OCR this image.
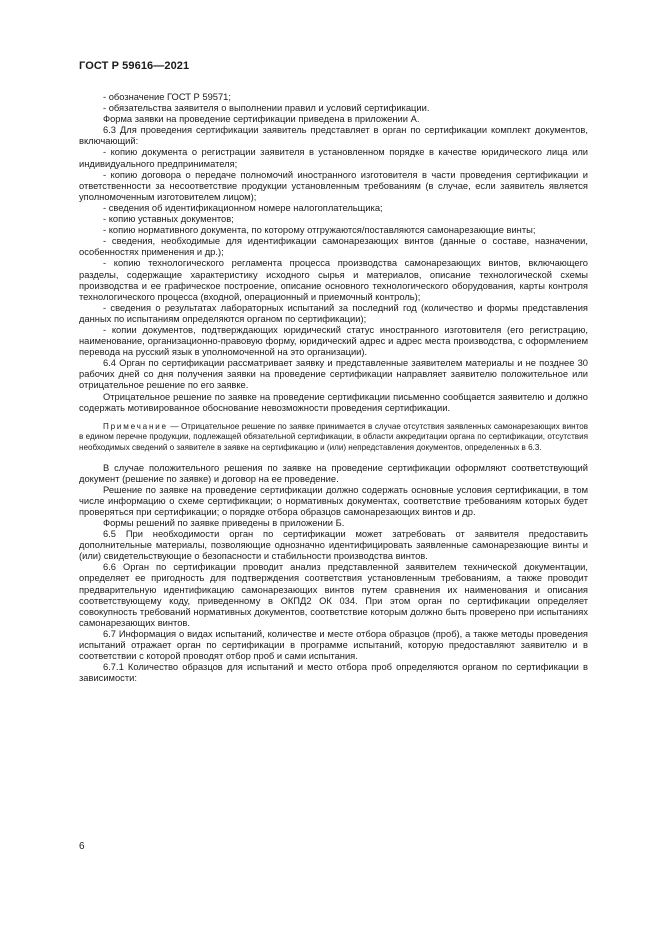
ГОСТ Р 59616—2021

- обозначение ГОСТ Р 59571;

- обязательства заявителя о выполнении правил и условий сертификации.

Форма заявки на проведение сертификации приведена в приложении А.

6.3 Для проведения сертификации заявитель представляет в орган по сертификации комплект документов, включающий:

- копию документа о регистрации заявителя в установленном порядке в качестве юридического лица или индивидуального предпринимателя;

- копию договора о передаче полномочий иностранного изготовителя в части проведения сертификации и ответственности за несоответствие продукции установленным требованиям (в случае, если заявитель является уполномоченным изготовителем лицом);

- сведения об идентификационном номере налогоплательщика;

- копию уставных документов;

- копию нормативного документа, по которому отгружаются/поставляются самонарезающие винты;

- сведения, необходимые для идентификации самонарезающих винтов (данные о составе, назначении, особенностях применения и др.);

- копию технологического регламента процесса производства самонарезающих винтов, включающего разделы, содержащие характеристику исходного сырья и материалов, описание технологической схемы производства и ее графическое построение, описание основного технологического оборудования, карты контроля технологического процесса (входной, операционный и приемочный контроль);

- сведения о результатах лабораторных испытаний за последний год (количество и формы представления данных по испытаниям определяются органом по сертификации);

- копии документов, подтверждающих юридический статус иностранного изготовителя (его регистрацию, наименование, организационно-правовую форму, юридический адрес и адрес места производства, с оформлением перевода на русский язык в уполномоченной на это организации).

6.4 Орган по сертификации рассматривает заявку и представленные заявителем материалы и не позднее 30 рабочих дней со дня получения заявки на проведение сертификации направляет заявителю положительное или отрицательное решение по его заявке.

Отрицательное решение по заявке на проведение сертификации письменно сообщается заявителю и должно содержать мотивированное обоснование невозможности проведения сертификации.

Примечание — Отрицательное решение по заявке принимается в случае отсутствия заявленных самонарезающих винтов в едином перечне продукции, подлежащей обязательной сертификации, в области аккредитации органа по сертификации, отсутствия необходимых сведений о заявителе в заявке на сертификацию и (или) непредставления документов, определенных в 6.3.

В случае положительного решения по заявке на проведение сертификации оформляют соответствующий документ (решение по заявке) и договор на ее проведение.

Решение по заявке на проведение сертификации должно содержать основные условия сертификации, в том числе информацию о схеме сертификации; о нормативных документах, соответствие требованиям которых будет проверяться при сертификации; о порядке отбора образцов самонарезающих винтов и др.

Формы решений по заявке приведены в приложении Б.

6.5 При необходимости орган по сертификации может затребовать от заявителя предоставить дополнительные материалы, позволяющие однозначно идентифицировать заявленные самонарезающие винты и (или) свидетельствующие о безопасности и стабильности производства винтов.

6.6 Орган по сертификации проводит анализ представленной заявителем технической документации, определяет ее пригодность для подтверждения соответствия установленным требованиям, а также проводит предварительную идентификацию самонарезающих винтов путем сравнения их наименования и описания соответствующему коду, приведенному в ОКПД2 ОК 034. При этом орган по сертификации определяет совокупность требований нормативных документов, соответствие которым должно быть проверено при испытаниях самонарезающих винтов.

6.7 Информация о видах испытаний, количестве и месте отбора образцов (проб), а также методы проведения испытаний отражает орган по сертификации в программе испытаний, которую предоставляют заявителю и в соответствии с которой проводят отбор проб и сами испытания.

6.7.1 Количество образцов для испытаний и место отбора проб определяются органом по сертификации в зависимости:

6
